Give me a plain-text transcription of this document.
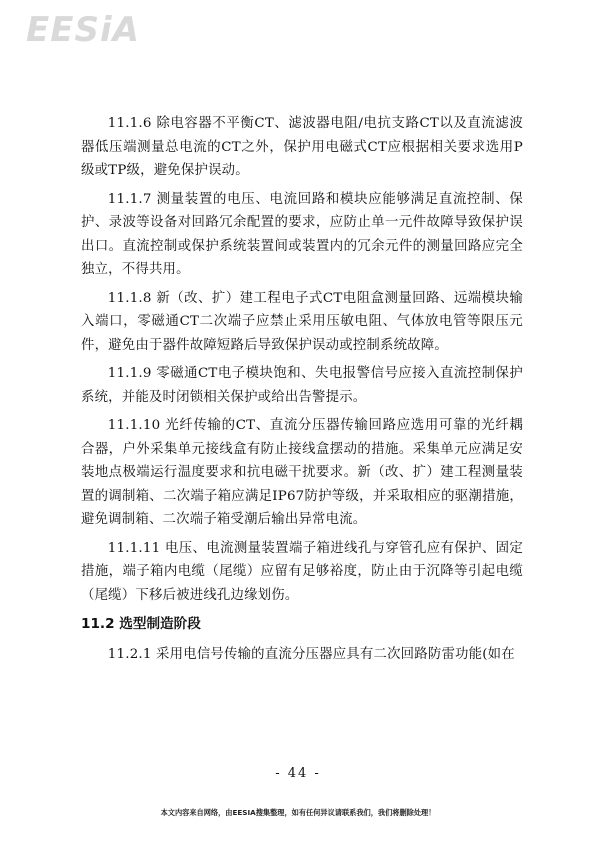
EESiA

11.1.6 除电容器不平衡CT、滤波器电阻/电抗支路CT以及直流滤波器低压端测量总电流的CT之外，保护用电磁式CT应根据相关要求选用P级或TP级，避免保护误动。

11.1.7 测量装置的电压、电流回路和模块应能够满足直流控制、保护、录波等设备对回路冗余配置的要求，应防止单一元件故障导致保护误出口。直流控制或保护系统装置间或装置内的冗余元件的测量回路应完全独立，不得共用。

11.1.8 新（改、扩）建工程电子式CT电阻盒测量回路、远端模块输入端口，零磁通CT二次端子应禁止采用压敏电阻、气体放电管等限压元件，避免由于器件故障短路后导致保护误动或控制系统故障。

11.1.9 零磁通CT电子模块饱和、失电报警信号应接入直流控制保护系统，并能及时闭锁相关保护或给出告警提示。

11.1.10 光纤传输的CT、直流分压器传输回路应选用可靠的光纤耦合器，户外采集单元接线盒有防止接线盒摆动的措施。采集单元应满足安装地点极端运行温度要求和抗电磁干扰要求。新（改、扩）建工程测量装置的调制箱、二次端子箱应满足IP67防护等级，并采取相应的驱潮措施，避免调制箱、二次端子箱受潮后输出异常电流。

11.1.11 电压、电流测量装置端子箱进线孔与穿管孔应有保护、固定措施，端子箱内电缆（尾缆）应留有足够裕度，防止由于沉降等引起电缆（尾缆）下移后被进线孔边缘划伤。

11.2 选型制造阶段

11.2.1 采用电信号传输的直流分压器应具有二次回路防雷功能(如在

- 44 -
本文内容来自网络，由EESIA搜集整理，如有任何异议请联系我们，我们将删除处理！
